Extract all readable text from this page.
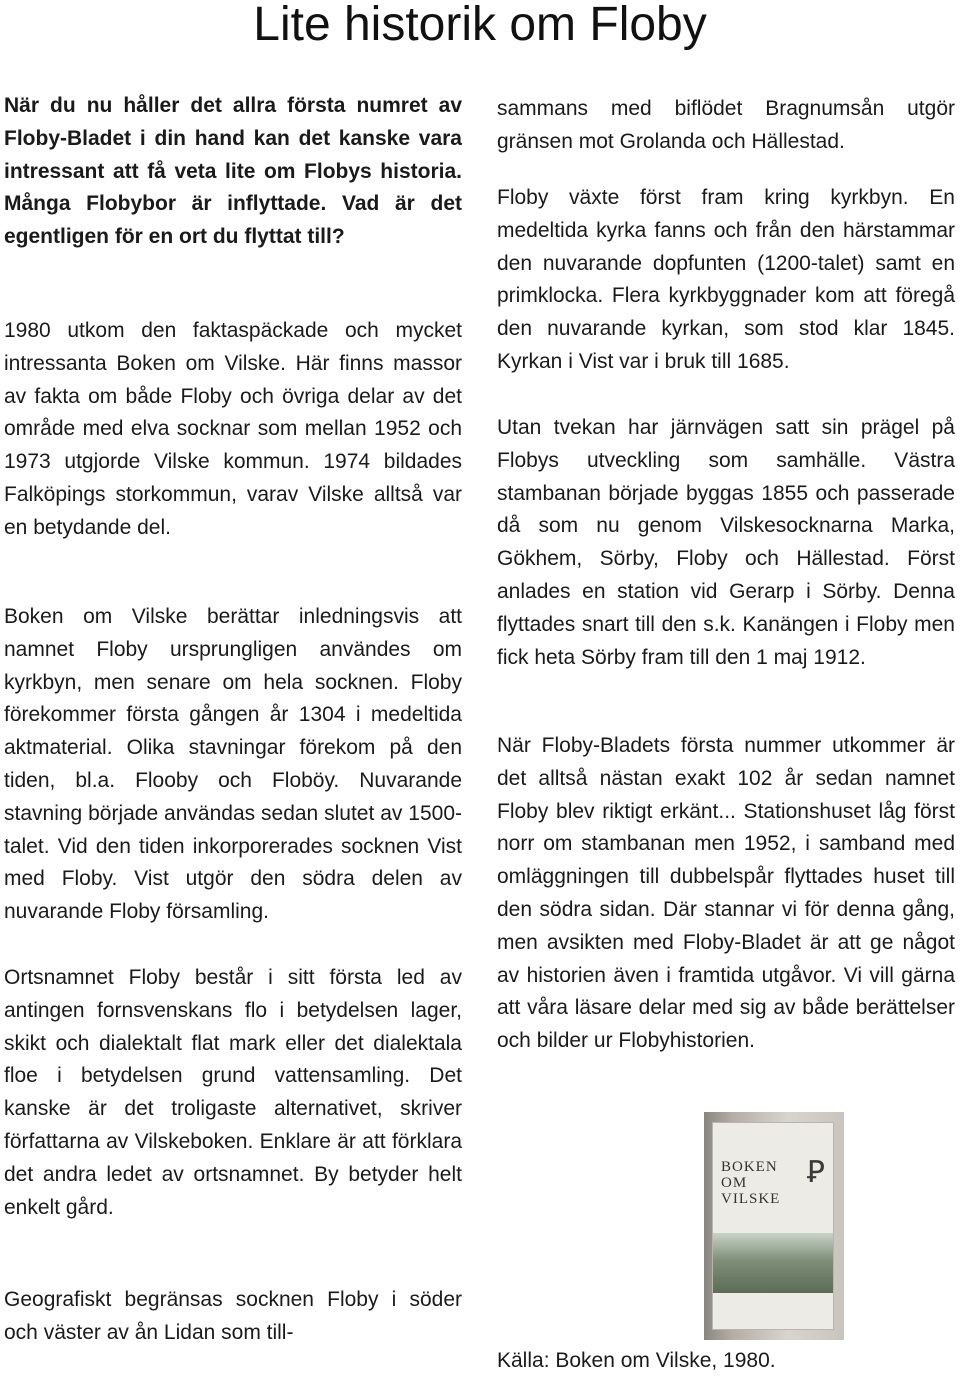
Lite historik om Floby

När du nu håller det allra första numret av Floby-Bladet i din hand kan det kanske vara intressant att få veta lite om Flobys historia. Många Flobybor är inflyttade. Vad är det egentligen för en ort du flyttat till?

1980 utkom den faktaspäckade och mycket intressanta Boken om Vilske. Här finns massor av fakta om både Floby och övriga delar av det område med elva socknar som mellan 1952 och 1973 utgjorde Vilske kommun. 1974 bildades Falköpings storkommun, varav Vilske alltså var en betydande del.

Boken om Vilske berättar inledningsvis att namnet Floby ursprungligen användes om kyrkbyn, men senare om hela socknen. Floby förekommer första gången år 1304 i medeltida aktmaterial. Olika stavningar förekom på den tiden, bl.a. Flooby och Floböy. Nuvarande stavning började användas sedan slutet av 1500-talet. Vid den tiden inkorporerades socknen Vist med Floby. Vist utgör den södra delen av nuvarande Floby församling.

Ortsnamnet Floby består i sitt första led av antingen fornsvenskans flo i betydelsen lager, skikt och dialektalt flat mark eller det dialektala floe i betydelsen grund vattensamling. Det kanske är det troligaste alternativet, skriver författarna av Vilskeboken. Enklare är att förklara det andra ledet av ortsnamnet. By betyder helt enkelt gård.

Geografiskt begränsas socknen Floby i söder och väster av ån Lidan som till-

sammans med biflödet Bragnumsån utgör gränsen mot Grolanda och Hällestad.

Floby växte först fram kring kyrkbyn. En medeltida kyrka fanns och från den härstammar den nuvarande dopfunten (1200-talet) samt en primklocka. Flera kyrkbyggnader kom att föregå den nuvarande kyrkan, som stod klar 1845. Kyrkan i Vist var i bruk till 1685.

Utan tvekan har järnvägen satt sin prägel på Flobys utveckling som samhälle. Västra stambanan började byggas 1855 och passerade då som nu genom Vilskesocknarna Marka, Gökhem, Sörby, Floby och Hällestad. Först anlades en station vid Gerarp i Sörby. Denna flyttades snart till den s.k. Kanängen i Floby men fick heta Sörby fram till den 1 maj 1912.

När Floby-Bladets första nummer utkommer är det alltså nästan exakt 102 år sedan namnet Floby blev riktigt erkänt... Stationshuset låg först norr om stambanan men 1952, i samband med omläggningen till dubbelspår flyttades huset till den södra sidan. Där stannar vi för denna gång, men avsikten med Floby-Bladet är att ge något av historien även i framtida utgåvor. Vi vill gärna att våra läsare delar med sig av både berättelser och bilder ur Flobyhistorien.

BOKEN OM VILSKE
Ꝑ
Källa: Boken om Vilske, 1980.
